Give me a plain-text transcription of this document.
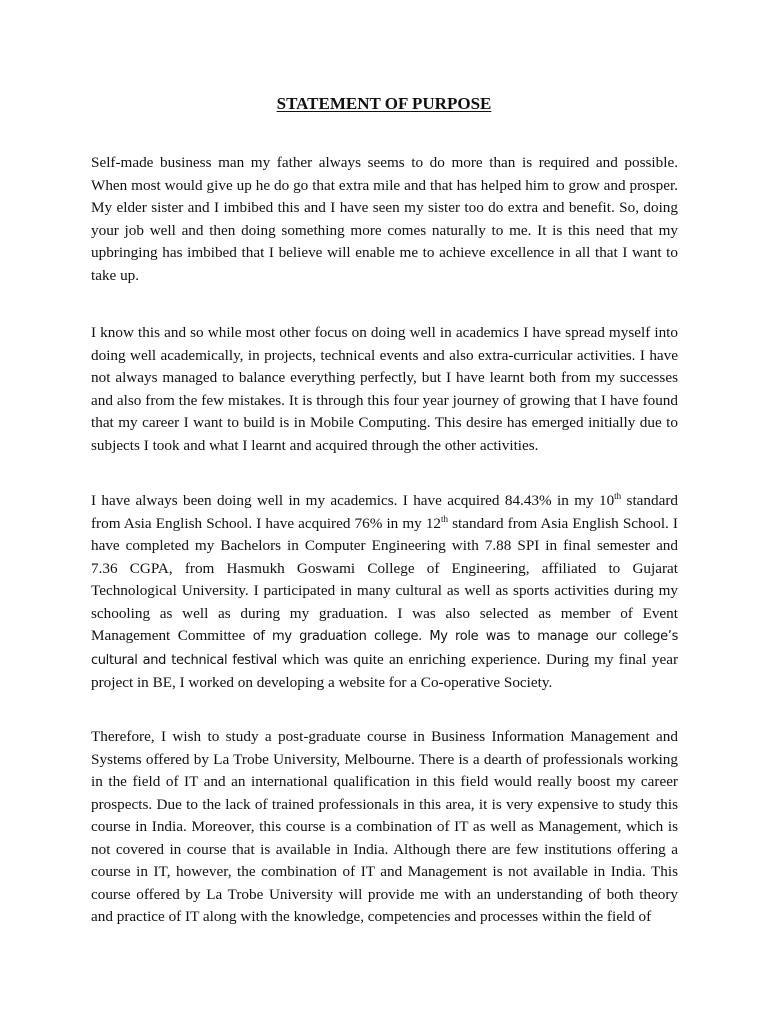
STATEMENT OF PURPOSE

Self-made business man my father always seems to do more than is required and possible. When most would give up he do go that extra mile and that has helped him to grow and prosper. My elder sister and I imbibed this and I have seen my sister too do extra and benefit. So, doing your job well and then doing something more comes naturally to me. It is this need that my upbringing has imbibed that I believe will enable me to achieve excellence in all that I want to take up.

I know this and so while most other focus on doing well in academics I have spread myself into doing well academically, in projects, technical events and also extra-curricular activities. I have not always managed to balance everything perfectly, but I have learnt both from my successes and also from the few mistakes. It is through this four year journey of growing that I have found that my career I want to build is in Mobile Computing. This desire has emerged initially due to subjects I took and what I learnt and acquired through the other activities.

I have always been doing well in my academics. I have acquired 84.43% in my 10th standard from Asia English School. I have acquired 76% in my 12th standard from Asia English School. I have completed my Bachelors in Computer Engineering with 7.88 SPI in final semester and 7.36 CGPA, from Hasmukh Goswami College of Engineering, affiliated to Gujarat Technological University. I participated in many cultural as well as sports activities during my schooling as well as during my graduation. I was also selected as member of Event Management Committee of my graduation college. My role was to manage our college’s cultural and technical festival which was quite an enriching experience. During my final year project in BE, I worked on developing a website for a Co-operative Society.

Therefore, I wish to study a post-graduate course in Business Information Management and Systems offered by La Trobe University, Melbourne. There is a dearth of professionals working in the field of IT and an international qualification in this field would really boost my career prospects. Due to the lack of trained professionals in this area, it is very expensive to study this course in India. Moreover, this course is a combination of IT as well as Management, which is not covered in course that is available in India. Although there are few institutions offering a course in IT, however, the combination of IT and Management is not available in India. This course offered by La Trobe University will provide me with an understanding of both theory and practice of IT along with the knowledge, competencies and processes within the field of
